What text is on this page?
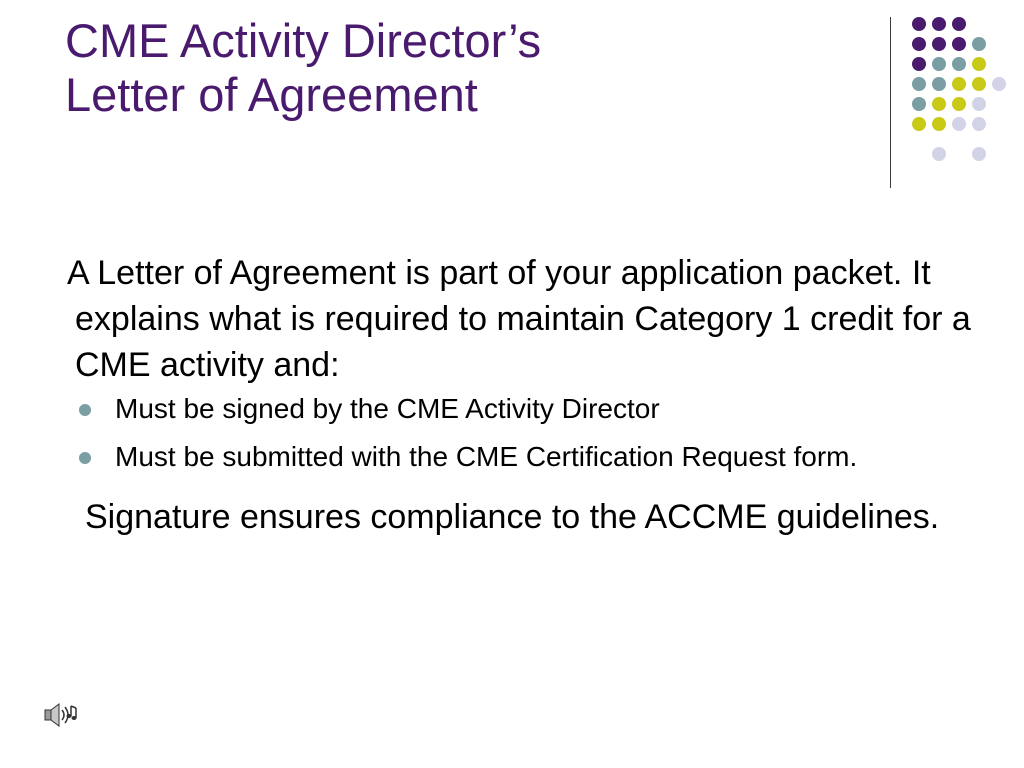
CME Activity Director’s
Letter of Agreement

A Letter of Agreement is part of your application packet. It explains what is required to maintain Category 1 credit for a CME activity and:

Must be signed by the CME Activity Director
Must be submitted with the CME Certification Request form.

Signature ensures compliance to the ACCME guidelines.
